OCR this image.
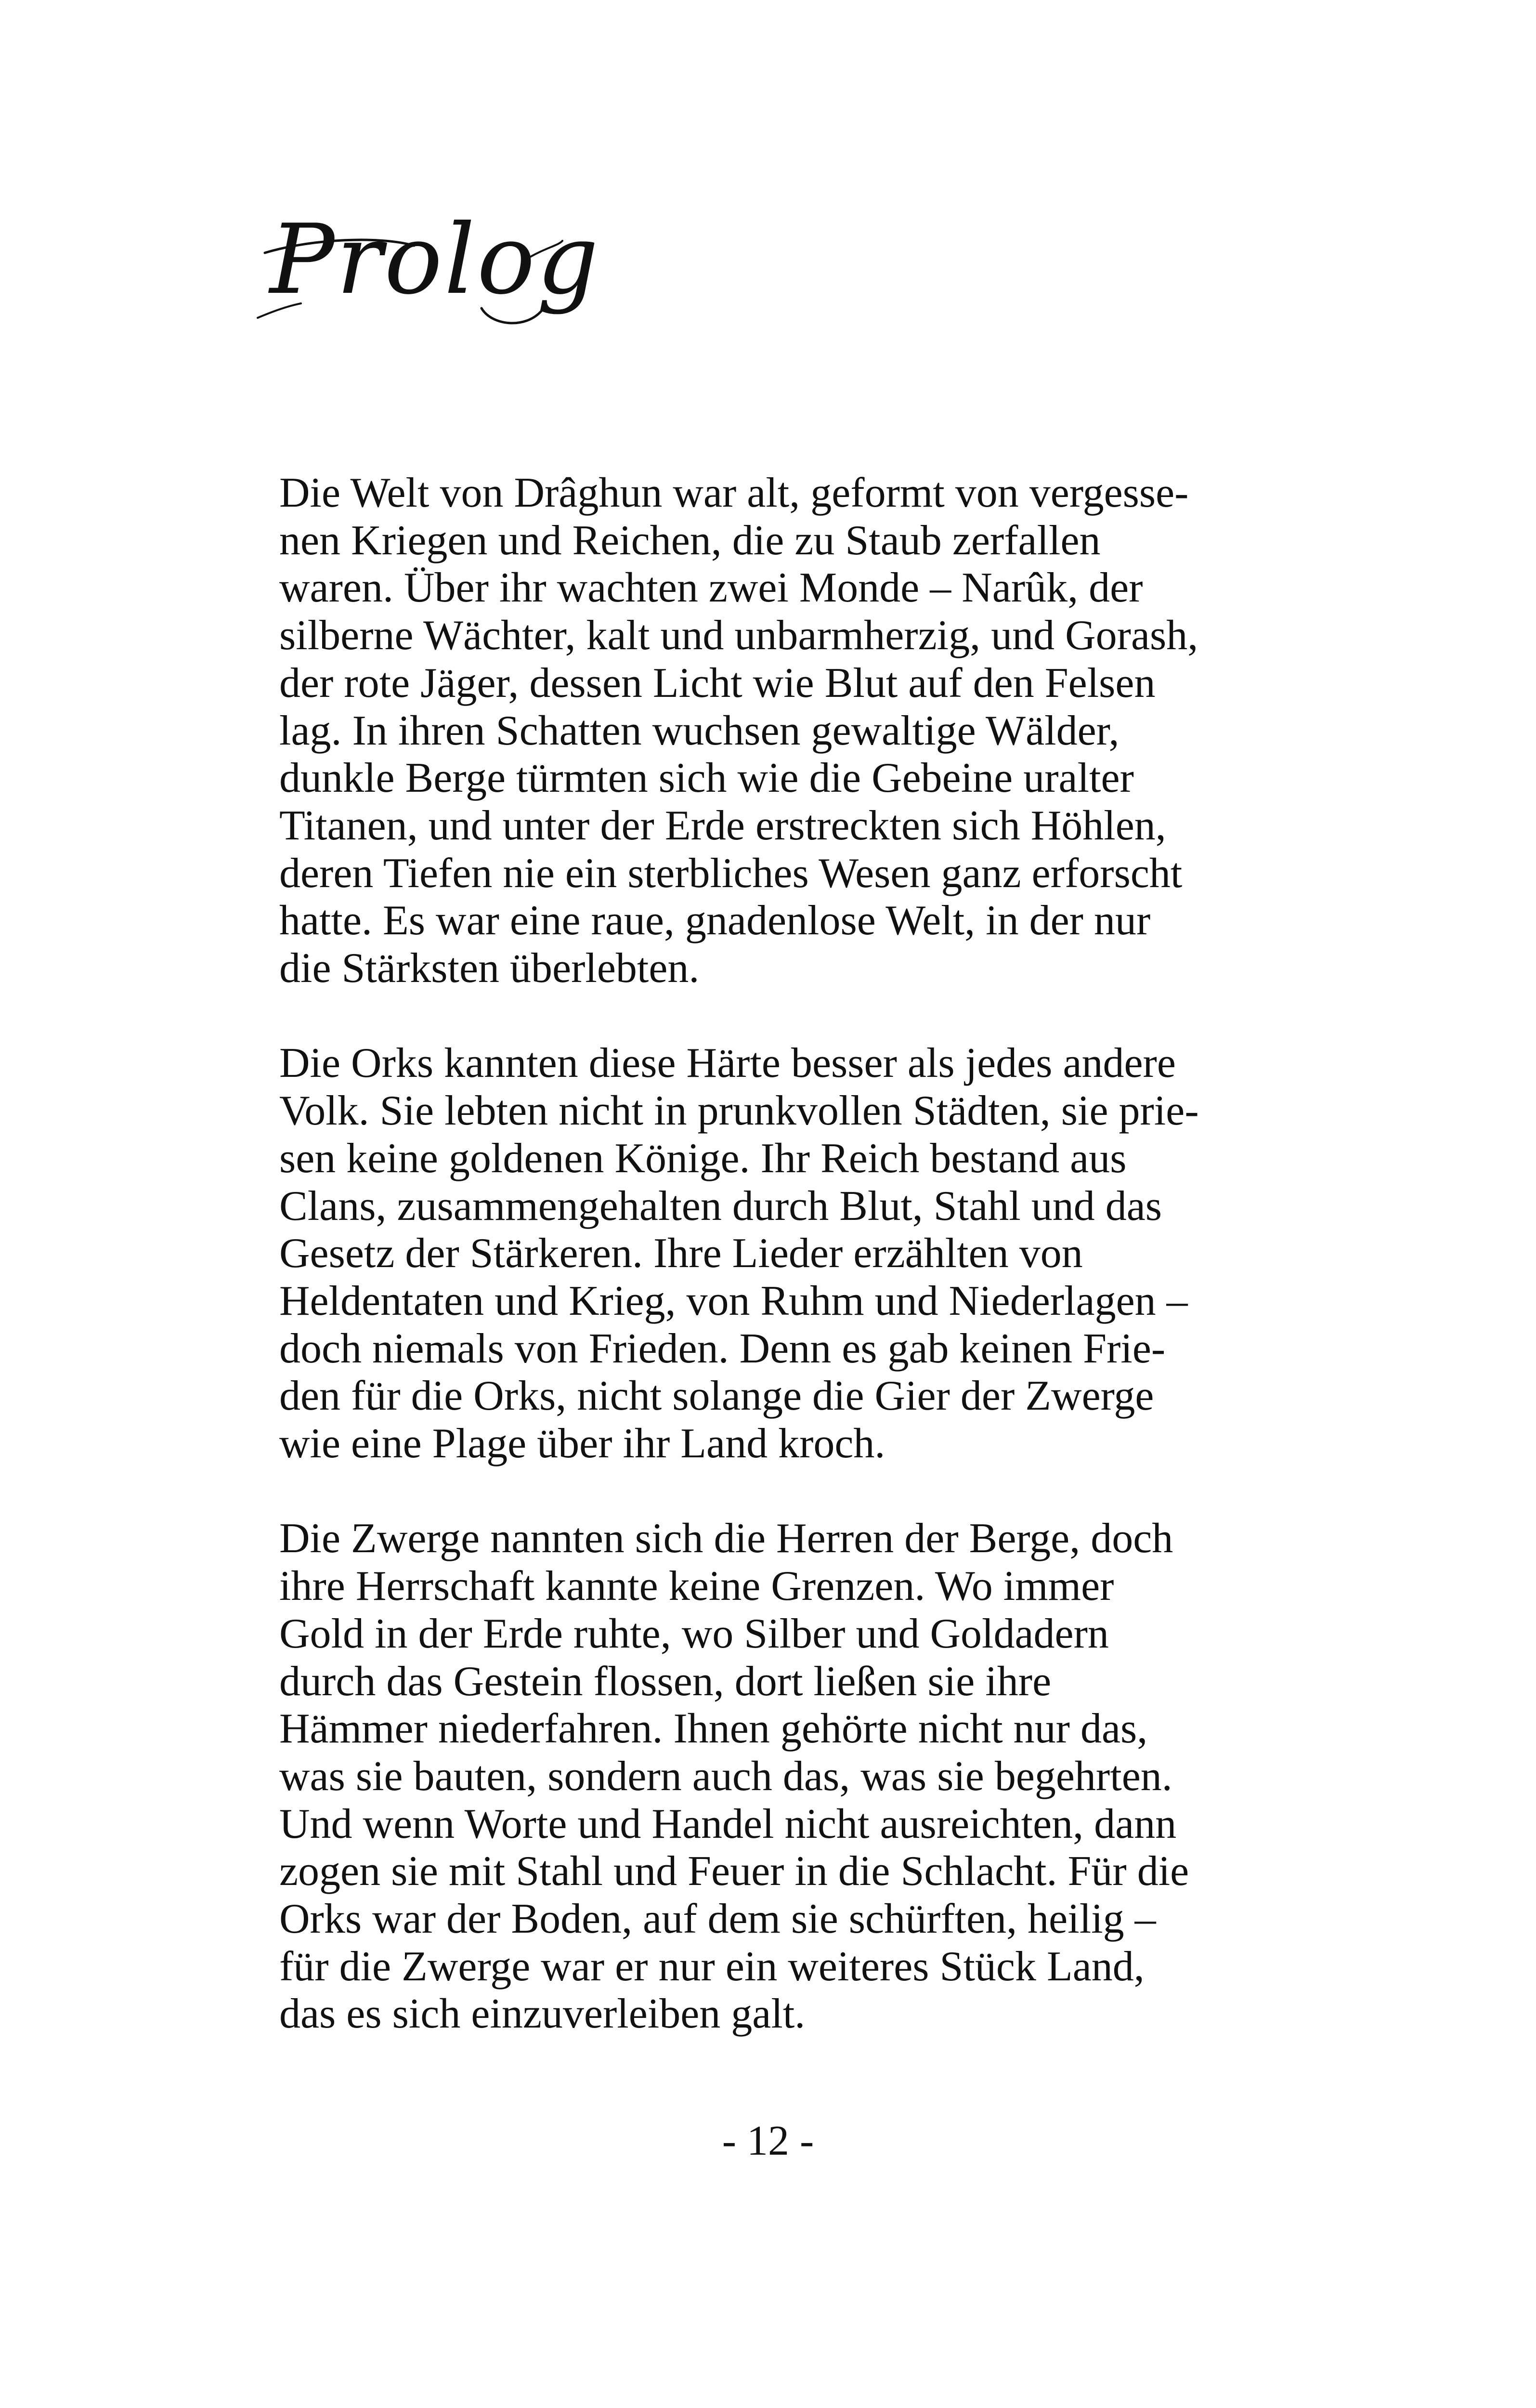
Prolog
Die Welt von Drâghun war alt, geformt von vergesse-
nen Kriegen und Reichen, die zu Staub zerfallen
waren. Über ihr wachten zwei Monde – Narûk, der
silberne Wächter, kalt und unbarmherzig, und Gorash,
der rote Jäger, dessen Licht wie Blut auf den Felsen
lag. In ihren Schatten wuchsen gewaltige Wälder,
dunkle Berge türmten sich wie die Gebeine uralter
Titanen, und unter der Erde erstreckten sich Höhlen,
deren Tiefen nie ein sterbliches Wesen ganz erforscht
hatte. Es war eine raue, gnadenlose Welt, in der nur
die Stärksten überlebten.
Die Orks kannten diese Härte besser als jedes andere
Volk. Sie lebten nicht in prunkvollen Städten, sie prie-
sen keine goldenen Könige. Ihr Reich bestand aus
Clans, zusammengehalten durch Blut, Stahl und das
Gesetz der Stärkeren. Ihre Lieder erzählten von
Heldentaten und Krieg, von Ruhm und Niederlagen –
doch niemals von Frieden. Denn es gab keinen Frie-
den für die Orks, nicht solange die Gier der Zwerge
wie eine Plage über ihr Land kroch.
Die Zwerge nannten sich die Herren der Berge, doch
ihre Herrschaft kannte keine Grenzen. Wo immer
Gold in der Erde ruhte, wo Silber und Goldadern
durch das Gestein flossen, dort ließen sie ihre
Hämmer niederfahren. Ihnen gehörte nicht nur das,
was sie bauten, sondern auch das, was sie begehrten.
Und wenn Worte und Handel nicht ausreichten, dann
zogen sie mit Stahl und Feuer in die Schlacht. Für die
Orks war der Boden, auf dem sie schürften, heilig –
für die Zwerge war er nur ein weiteres Stück Land,
das es sich einzuverleiben galt.
- 12 -
